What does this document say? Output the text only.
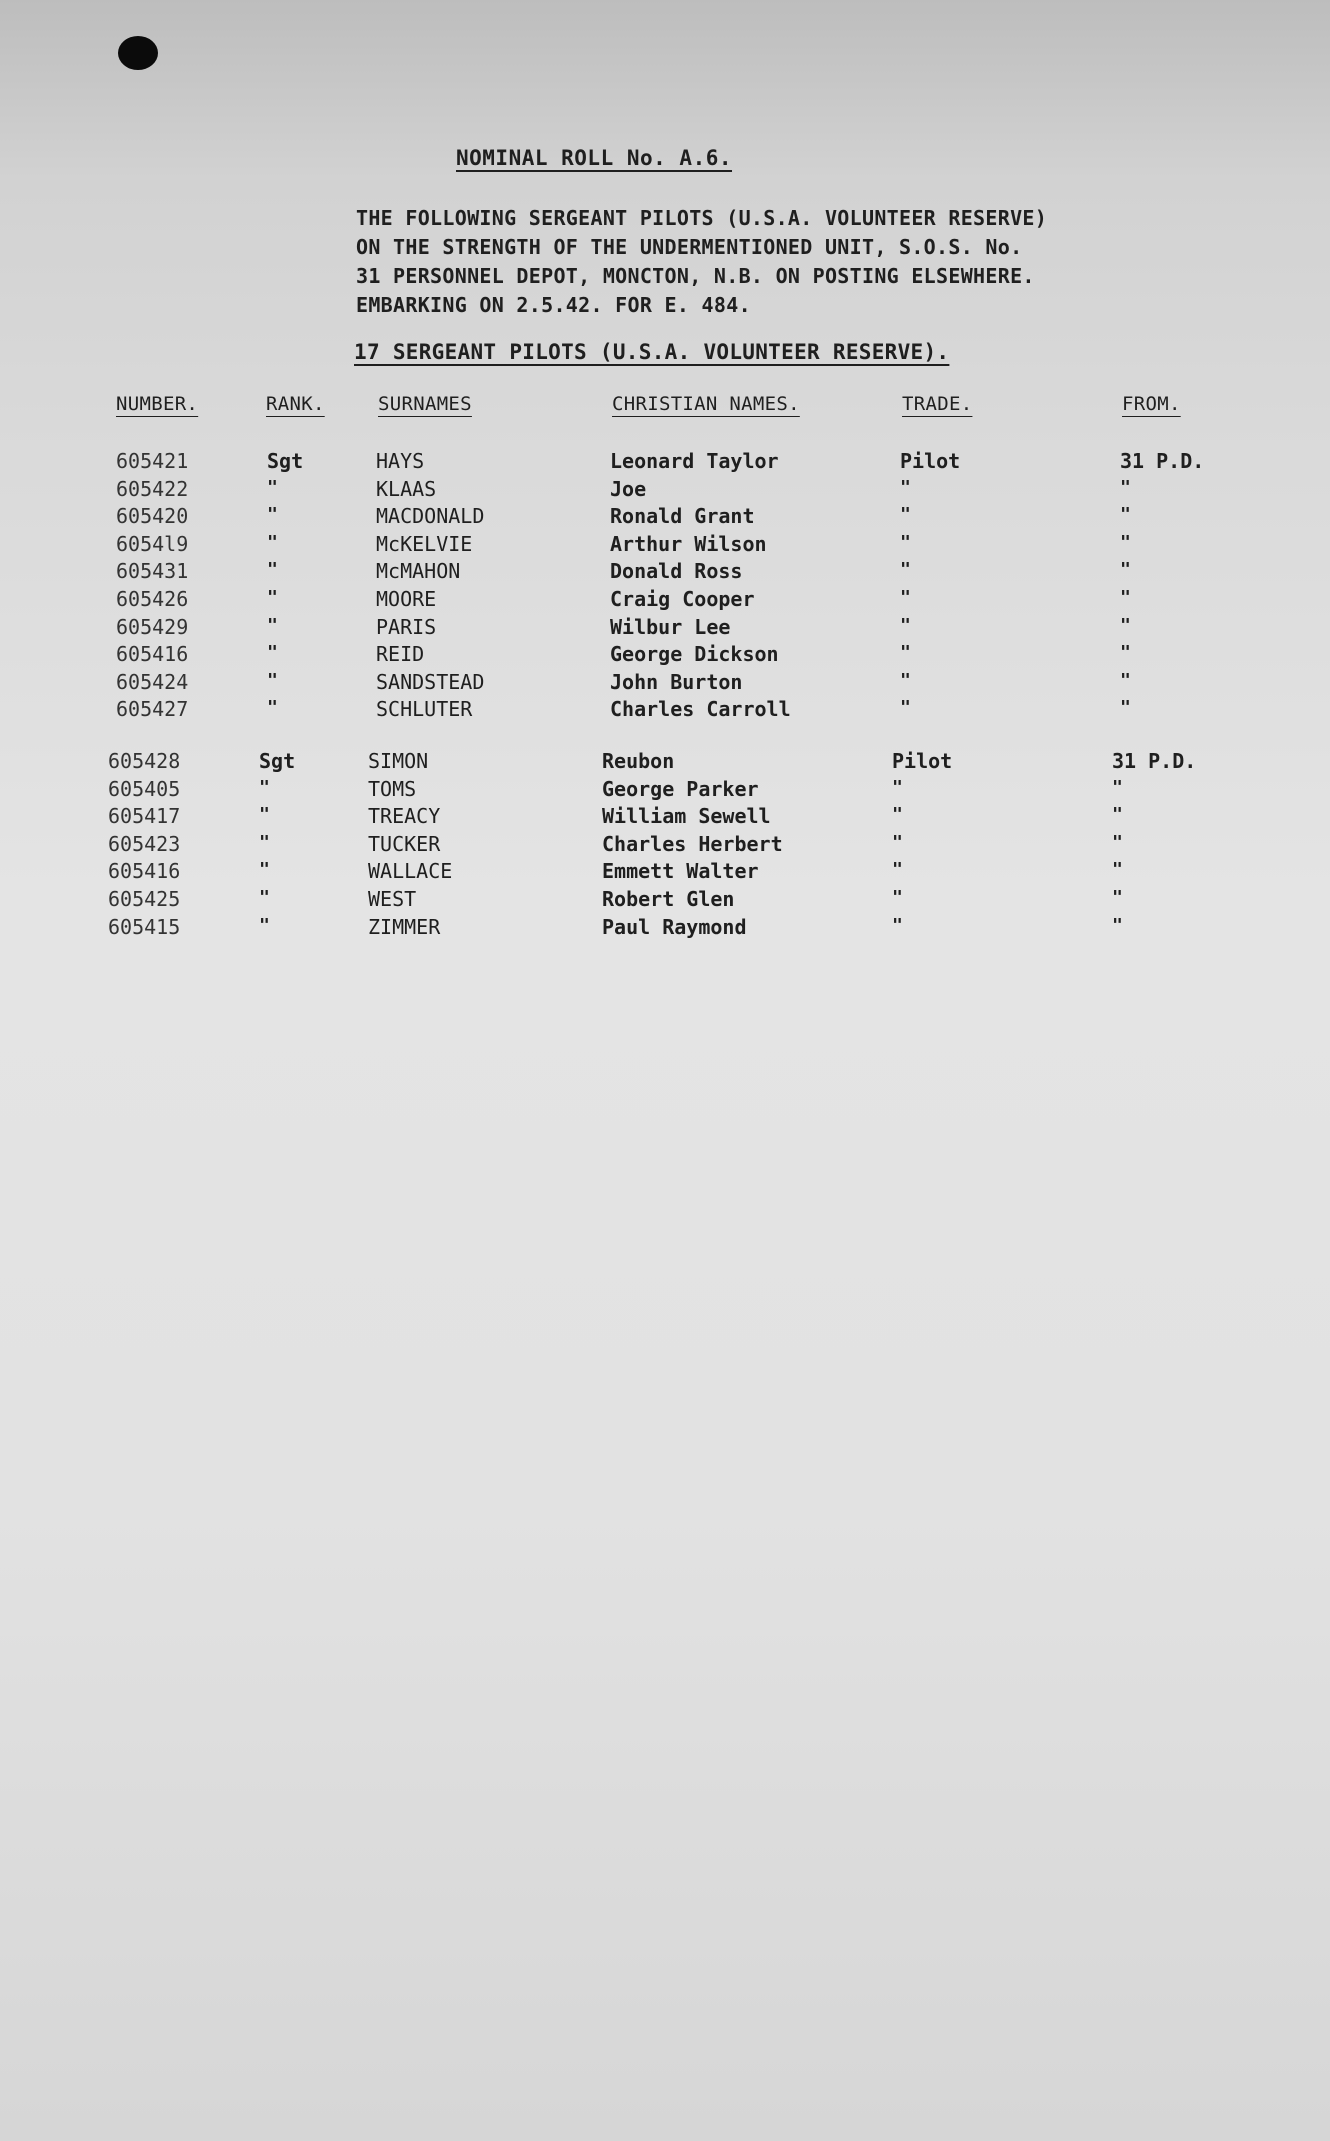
NOMINAL ROLL No. A.6.
THE FOLLOWING SERGEANT PILOTS (U.S.A. VOLUNTEER RESERVE)
ON THE STRENGTH OF THE UNDERMENTIONED UNIT, S.O.S. No.
31 PERSONNEL DEPOT, MONCTON, N.B. ON POSTING ELSEWHERE.
EMBARKING ON 2.5.42. FOR E. 484.
17 SERGEANT PILOTS (U.S.A. VOLUNTEER RESERVE).
NUMBER.	RANK.	SURNAMES	CHRISTIAN NAMES.	TRADE.	FROM.
605421	Sgt	HAYS	Leonard Taylor	Pilot	31 P.D.
605422	"	KLAAS	Joe	"	"
605420	"	MACDONALD	Ronald Grant	"	"
6054l9	"	McKELVIE	Arthur Wilson	"	"
605431	"	McMAHON	Donald Ross	"	"
605426	"	MOORE	Craig Cooper	"	"
605429	"	PARIS	Wilbur Lee	"	"
605416	"	REID	George Dickson	"	"
605424	"	SANDSTEAD	John Burton	"	"
605427	"	SCHLUTER	Charles Carroll	"	"
605428	Sgt	SIMON	Reubon	Pilot	31 P.D.
605405	"	TOMS	George Parker	"	"
605417	"	TREACY	William Sewell	"	"
605423	"	TUCKER	Charles Herbert	"	"
605416	"	WALLACE	Emmett Walter	"	"
605425	"	WEST	Robert Glen	"	"
605415	"	ZIMMER	Paul Raymond	"	"
